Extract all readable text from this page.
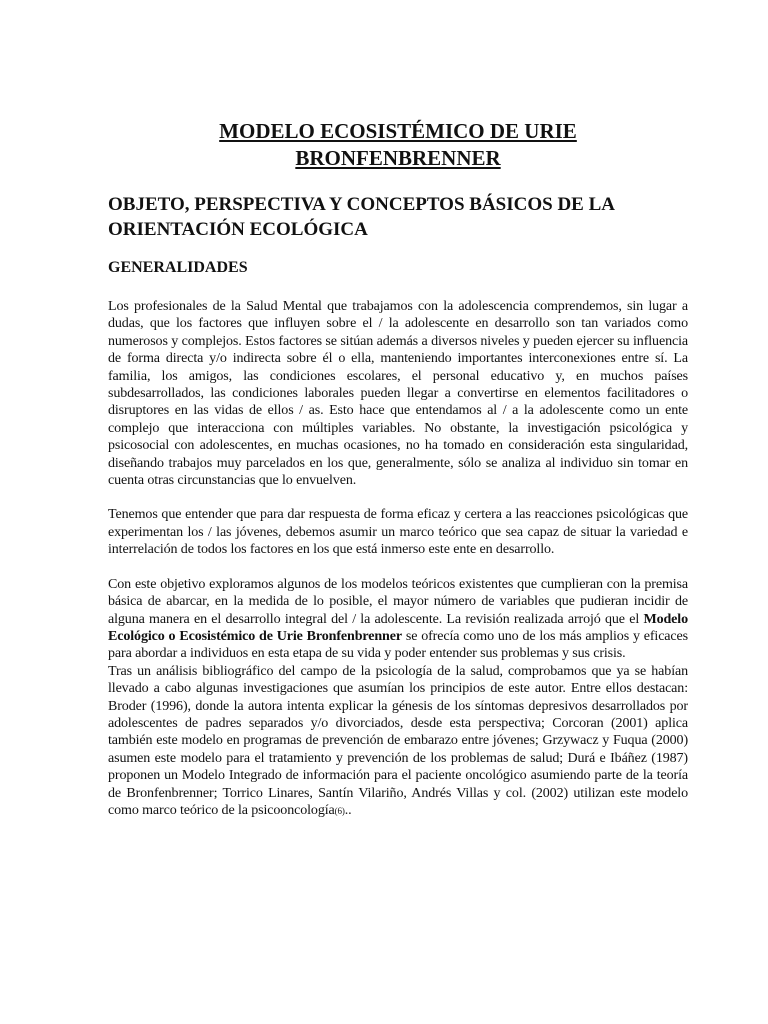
MODELO ECOSISTÉMICO DE URIE BRONFENBRENNER
OBJETO, PERSPECTIVA Y CONCEPTOS BÁSICOS DE LA ORIENTACIÓN ECOLÓGICA
GENERALIDADES

Los profesionales de la Salud Mental que trabajamos con la adolescencia comprendemos, sin lugar a dudas, que los factores que influyen sobre el / la adolescente en desarrollo son tan variados como numerosos y complejos. Estos factores se sitúan además a diversos niveles y pueden ejercer su influencia de forma directa y/o indirecta sobre él o ella, manteniendo importantes interconexiones entre sí. La familia, los amigos, las condiciones escolares, el personal educativo y, en muchos países subdesarrollados, las condiciones laborales pueden llegar a convertirse en elementos facilitadores o disruptores en las vidas de ellos / as. Esto hace que entendamos al / a la adolescente como un ente complejo que interacciona con múltiples variables. No obstante, la investigación psicológica y psicosocial con adolescentes, en muchas ocasiones, no ha tomado en consideración esta singularidad, diseñando trabajos muy parcelados en los que, generalmente, sólo se analiza al individuo sin tomar en cuenta otras circunstancias que lo envuelven.

Tenemos que entender que para dar respuesta de forma eficaz y certera a las reacciones psicológicas que experimentan los / las jóvenes, debemos asumir un marco teórico que sea capaz de situar la variedad e interrelación de todos los factores en los que está inmerso este ente en desarrollo.

Con este objetivo exploramos algunos de los modelos teóricos existentes que cumplieran con la premisa básica de abarcar, en la medida de lo posible, el mayor número de variables que pudieran incidir de alguna manera en el desarrollo integral del / la adolescente. La revisión realizada arrojó que el Modelo Ecológico o Ecosistémico de Urie Bronfenbrenner se ofrecía como uno de los más amplios y eficaces para abordar a individuos en esta etapa de su vida y poder entender sus problemas y sus crisis.

Tras un análisis bibliográfico del campo de la psicología de la salud, comprobamos que ya se habían llevado a cabo algunas investigaciones que asumían los principios de este autor. Entre ellos destacan: Broder (1996), donde la autora intenta explicar la génesis de los síntomas depresivos desarrollados por adolescentes de padres separados y/o divorciados, desde esta perspectiva; Corcoran (2001) aplica también este modelo en programas de prevención de embarazo entre jóvenes; Grzywacz y Fuqua (2000) asumen este modelo para el tratamiento y prevención de los problemas de salud; Durá e Ibáñez (1987) proponen un Modelo Integrado de información para el paciente oncológico asumiendo parte de la teoría de Bronfenbrenner; Torrico Linares, Santín Vilariño, Andrés Villas y col. (2002) utilizan este modelo como marco teórico de la psicooncología(6)..
